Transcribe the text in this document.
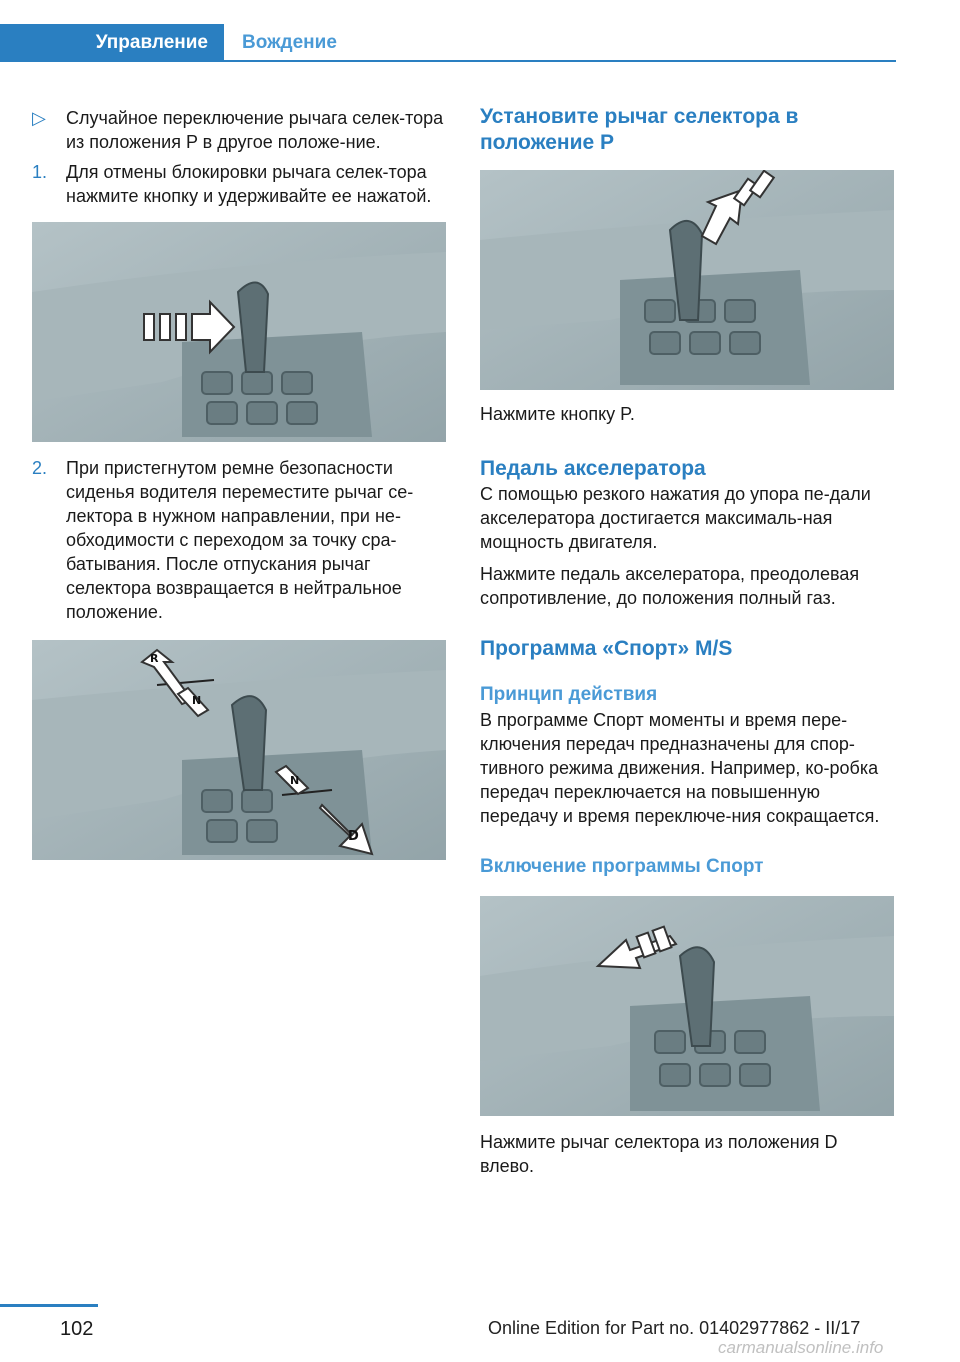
Управление	Вождение
▷ Случайное переключение рычага селек-тора из положения P в другое положе-ние.
1. Для отмены блокировки рычага селек-тора нажмите кнопку и удерживайте ее нажатой.
2. При пристегнутом ремне безопасности сиденья водителя переместите рычаг се-лектора в нужном направлении, при не-обходимости с переходом за точку сра-батывания. После отпускания рычаг селектора возвращается в нейтральное положение.
R
N
N
D
Установите рычаг селектора в положение P

Нажмите кнопку P.

Педаль акселератора

С помощью резкого нажатия до упора пе-дали акселератора достигается максималь-ная мощность двигателя.

Нажмите педаль акселератора, преодолевая сопротивление, до положения полный газ.

Программа «Спорт» M/S
Принцип действия

В программе Спорт моменты и время пере-ключения передач предназначены для спор-тивного режима движения. Например, ко-робка передач переключается на повышенную передачу и время переключе-ния сокращается.

Включение программы Спорт

Нажмите рычаг селектора из положения D влево.

102	Online Edition for Part no. 01402977862 - II/17
carmanualsonline.info
